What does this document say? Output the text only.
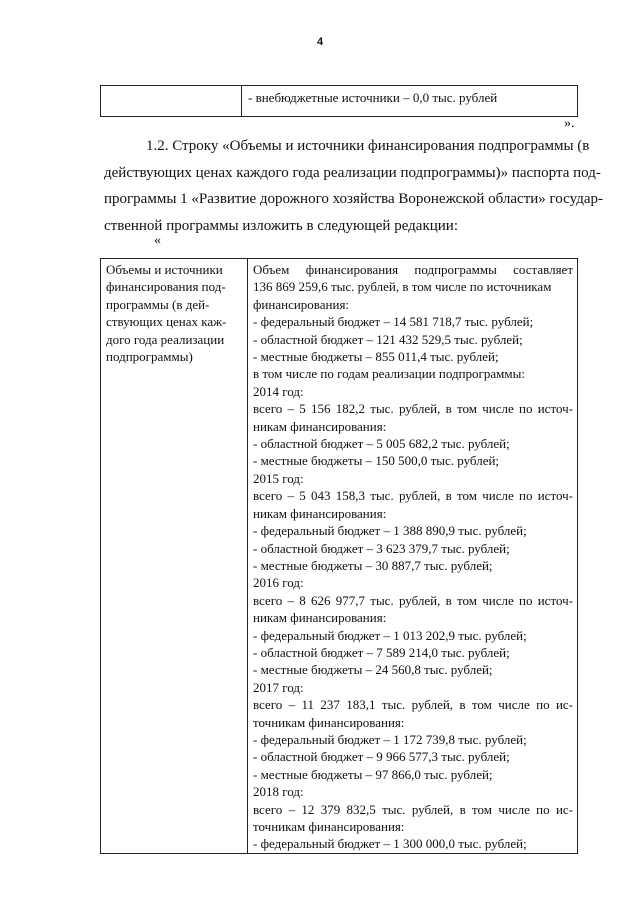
4
	- внебюджетные источники – 0,0 тыс. рублей
».

1.2. Строку «Объемы и источники финансирования подпрограммы (в
действующих ценах каждого года реализации подпрограммы)» паспорта под-
программы 1 «Развитие дорожного хозяйства Воронежской области» государ-
ственной программы изложить в следующей редакции:

«
Объемы и источники
финансирования под-
программы (в дей-
ствующих ценах каж-
дого года реализации
подпрограммы)

Объем финансирования подпрограммы составляет
136 869 259,6 тыс. рублей, в том числе по источникам
финансирования:
- федеральный бюджет – 14 581 718,7 тыс. рублей;
- областной бюджет – 121 432 529,5 тыс. рублей;
- местные бюджеты – 855 011,4 тыс. рублей;
в том числе по годам реализации подпрограммы:
2014 год:
всего – 5 156 182,2 тыс. рублей, в том числе по источ-
никам финансирования:
- областной бюджет – 5 005 682,2 тыс. рублей;
- местные бюджеты – 150 500,0 тыс. рублей;
2015 год:
всего – 5 043 158,3 тыс. рублей, в том числе по источ-
никам финансирования:
- федеральный бюджет – 1 388 890,9 тыс. рублей;
- областной бюджет – 3 623 379,7 тыс. рублей;
- местные бюджеты – 30 887,7 тыс. рублей;
2016 год:
всего – 8 626 977,7 тыс. рублей, в том числе по источ-
никам финансирования:
- федеральный бюджет – 1 013 202,9 тыс. рублей;
- областной бюджет – 7 589 214,0 тыс. рублей;
- местные бюджеты – 24 560,8 тыс. рублей;
2017 год:
всего – 11 237 183,1 тыс. рублей, в том числе по ис-
точникам финансирования:
- федеральный бюджет – 1 172 739,8 тыс. рублей;
- областной бюджет – 9 966 577,3 тыс. рублей;
- местные бюджеты – 97 866,0 тыс. рублей;
2018 год:
всего – 12 379 832,5 тыс. рублей, в том числе по ис-
точникам финансирования:
- федеральный бюджет – 1 300 000,0 тыс. рублей;
